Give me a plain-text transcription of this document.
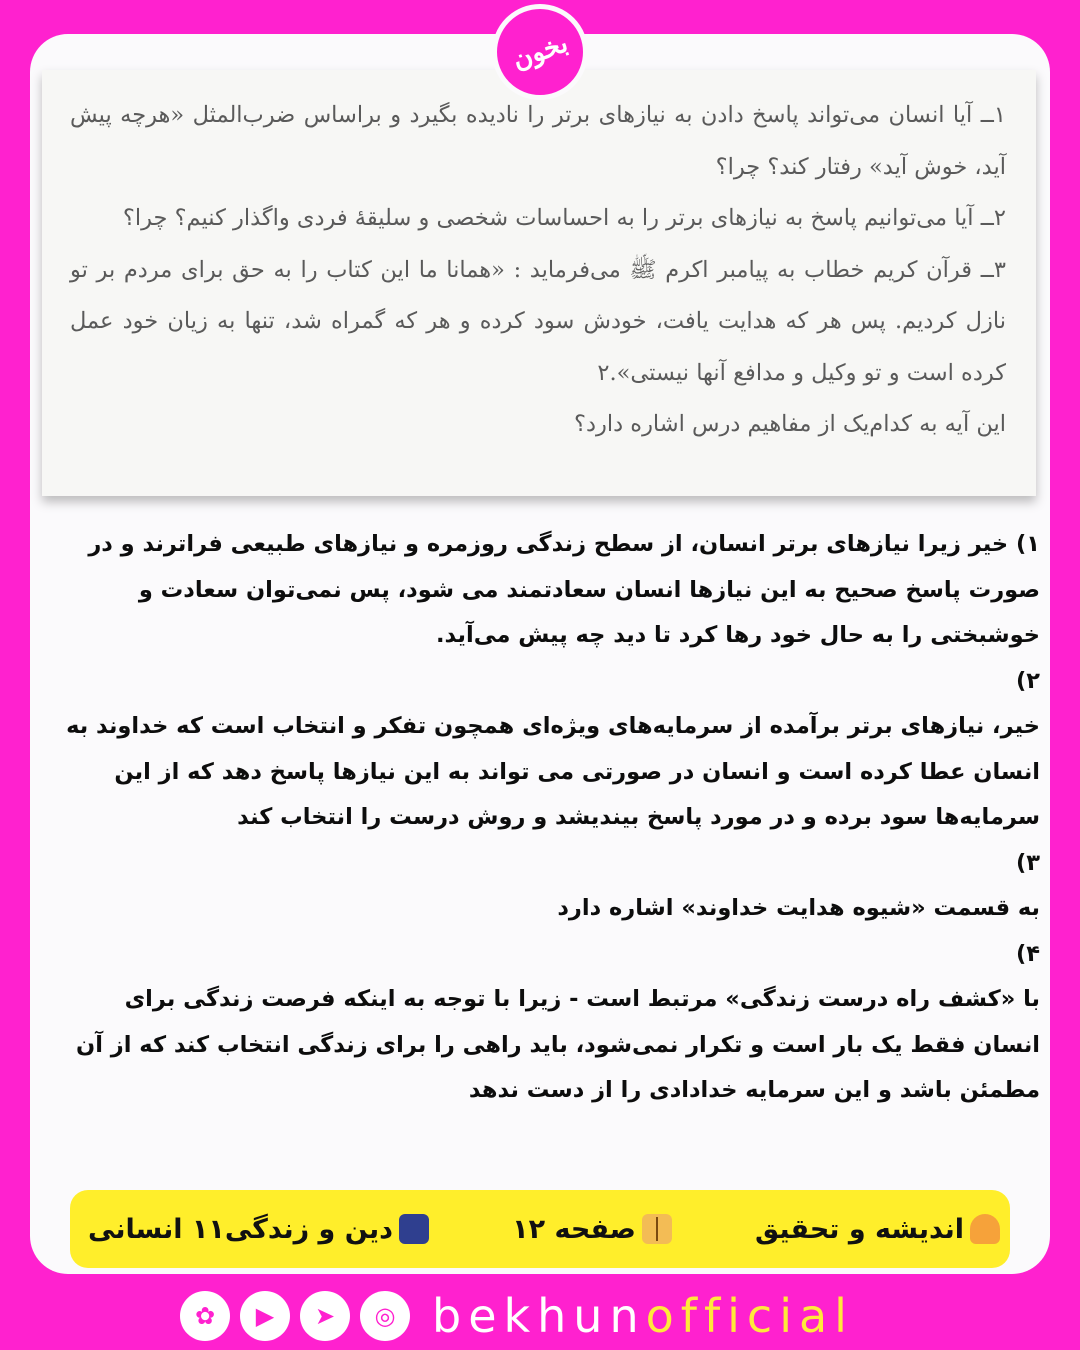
بخون

۱ــ آیا انسان می‌تواند پاسخ دادن به نیازهای برتر را نادیده بگیرد و براساس ضرب‌المثل «هرچه پیش آید، خوش آید» رفتار کند؟ چرا؟

۲ــ آیا می‌توانیم پاسخ به نیازهای برتر را به احساسات شخصی و سلیقهٔ فردی واگذار کنیم؟ چرا؟

۳ــ قرآن کریم خطاب به پیامبر اکرم ﷺ می‌فرماید : «همانا ما این کتاب را به حق برای مردم بر تو نازل کردیم. پس هر که هدایت یافت، خودش سود کرده و هر که گمراه شد، تنها به زیان خود عمل کرده است و تو وکیل و مدافع آنها نیستی».۲

این آیه به کدام‌یک از مفاهیم درس اشاره دارد؟

۱) خیر زیرا نیازهای برتر انسان، از سطح زندگی روزمره و نیازهای طبیعی فراترند و در صورت پاسخ صحیح به این نیازها انسان سعادتمند می شود، پس نمی‌توان سعادت و خوشبختی را به حال خود رها کرد تا دید چه پیش می‌آید.

۲)

خیر، نیازهای برتر برآمده از سرمایه‌های ویژه‌ای همچون تفکر و انتخاب است که خداوند به انسان عطا کرده است و انسان در صورتی می تواند به این نیازها پاسخ دهد که از این سرمایه‌ها سود برده و در مورد پاسخ بیندیشد و روش درست را انتخاب کند

۳)

به قسمت «شیوه هدایت خداوند» اشاره دارد

۴)

با «کشف راه درست زندگی» مرتبط است - زیرا با توجه به اینکه فرصت زندگی برای انسان فقط یک بار است و تکرار نمی‌شود، باید راهی را برای زندگی انتخاب کند که از آن مطمئن باشد و این سرمایه خدادادی را از دست ندهد

اندیشه و تحقیق
صفحه ۱۲
دین و زندگی۱۱ انسانی
✿	▶	➤	◎ bekhunofficial
